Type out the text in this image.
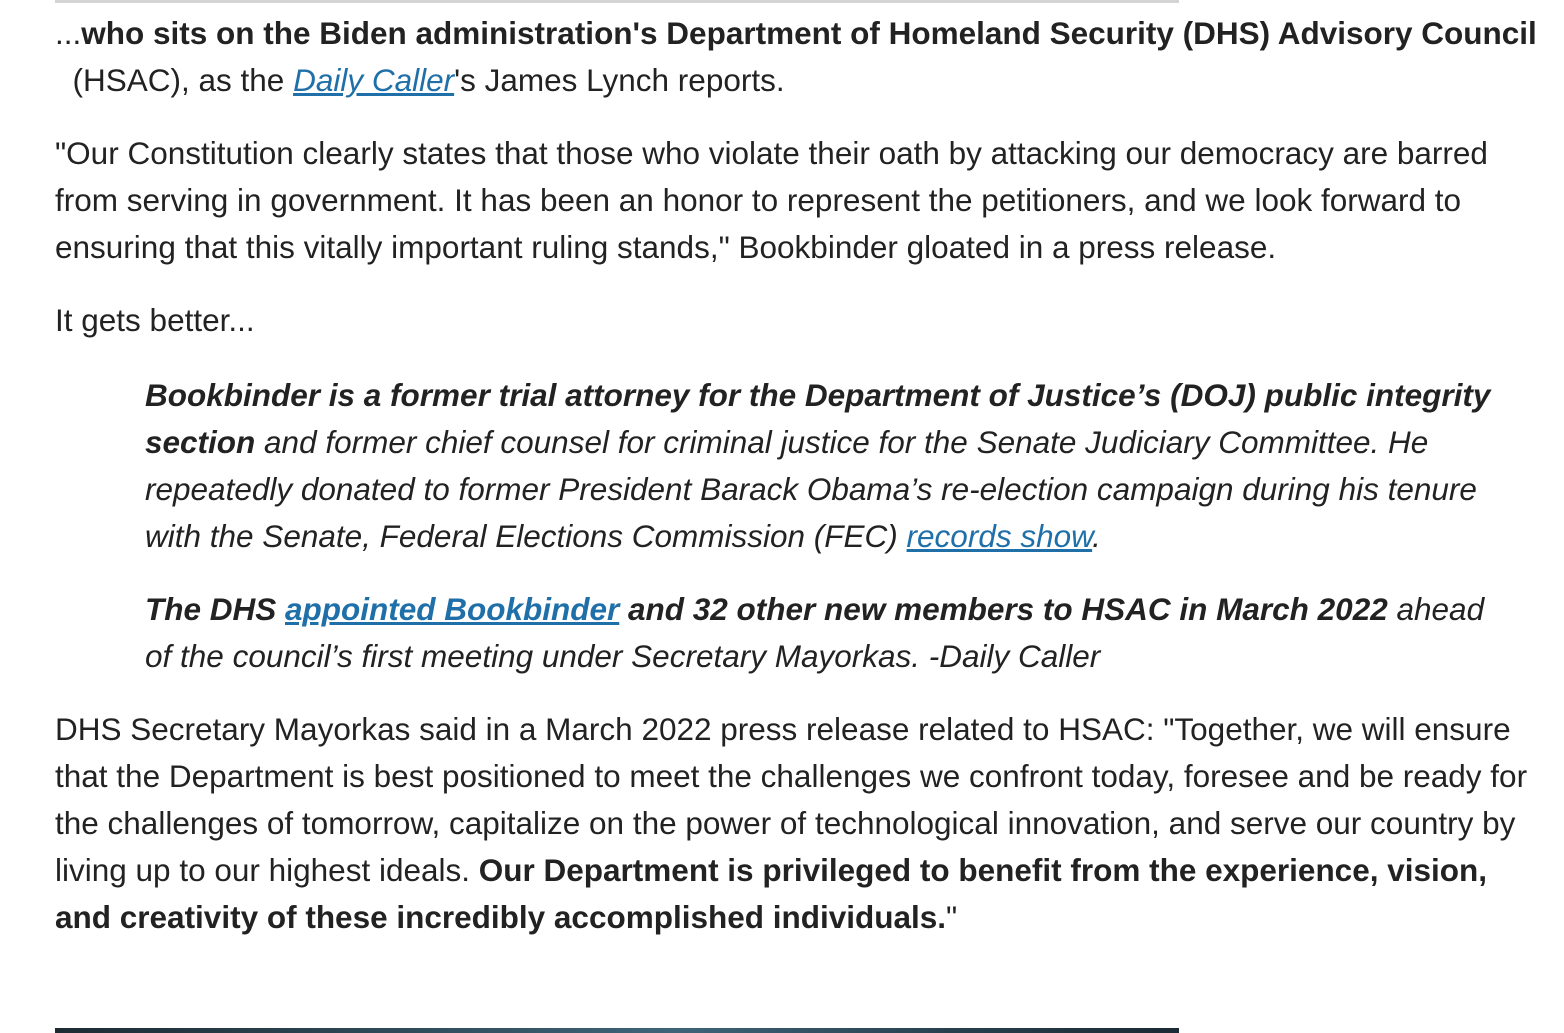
...who sits on the Biden administration's Department of Homeland Security (DHS) Advisory Council  (HSAC), as the Daily Caller's James Lynch reports.

"Our Constitution clearly states that those who violate their oath by attacking our democracy are barred from serving in government. It has been an honor to represent the petitioners, and we look forward to ensuring that this vitally important ruling stands," Bookbinder gloated in a press release.

It gets better...

Bookbinder is a former trial attorney for the Department of Justice’s (DOJ) public integrity section and former chief counsel for criminal justice for the Senate Judiciary Committee. He repeatedly donated to former President Barack Obama’s re-election campaign during his tenure with the Senate, Federal Elections Commission (FEC) records show.

The DHS appointed Bookbinder and 32 other new members to HSAC in March 2022 ahead of the council’s first meeting under Secretary Mayorkas. -Daily Caller

DHS Secretary Mayorkas said in a March 2022 press release related to HSAC: "Together, we will ensure that the Department is best positioned to meet the challenges we confront today, foresee and be ready for the challenges of tomorrow, capitalize on the power of technological innovation, and serve our country by living up to our highest ideals. Our Department is privileged to benefit from the experience, vision, and creativity of these incredibly accomplished individuals."
